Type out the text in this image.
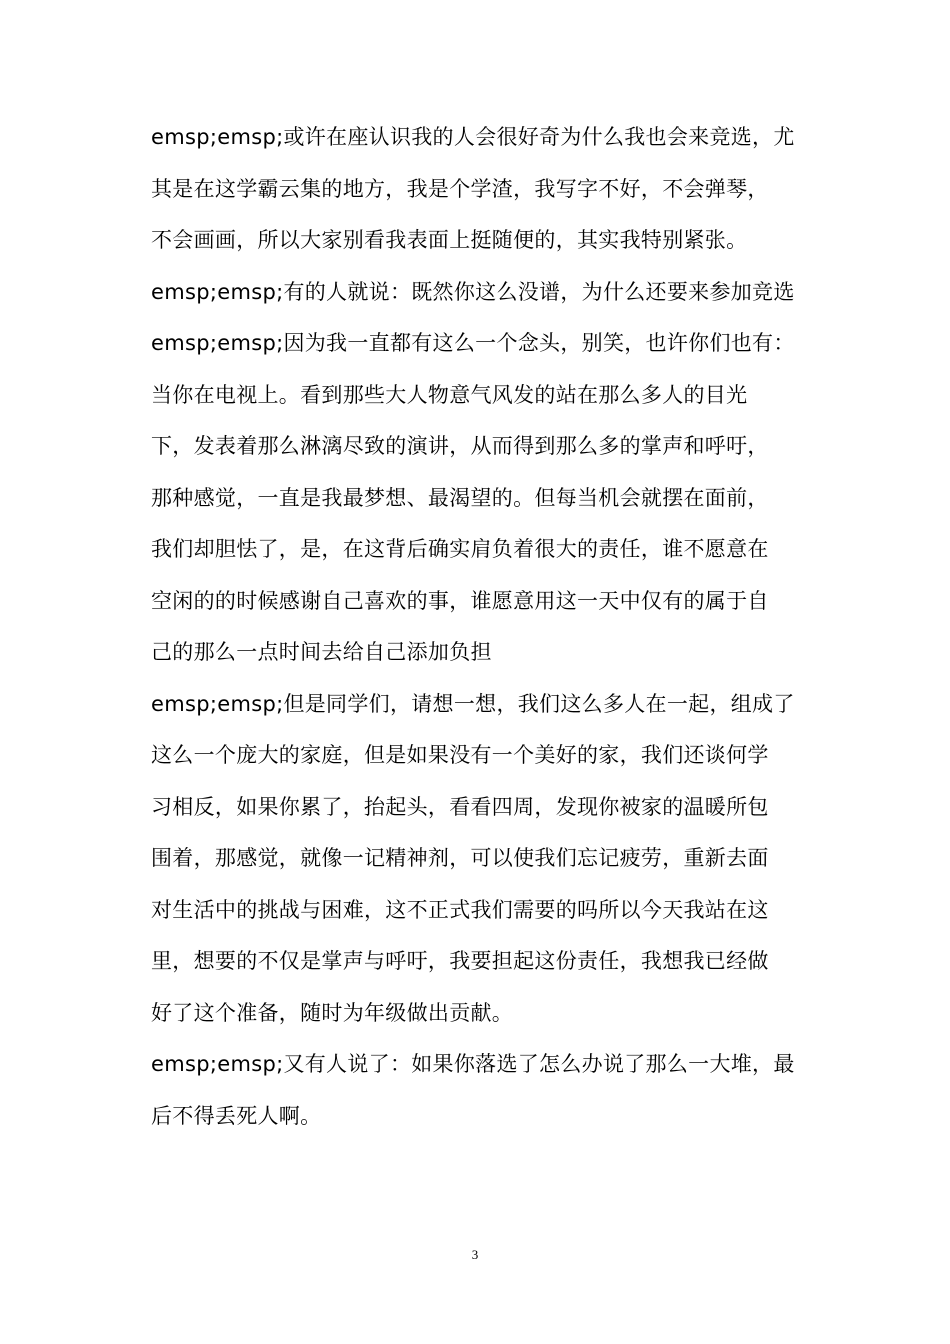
emsp;emsp;或许在座认识我的人会很好奇为什么我也会来竞选，尤
其是在这学霸云集的地方，我是个学渣，我写字不好，不会弹琴，
不会画画，所以大家别看我表面上挺随便的，其实我特别紧张。
emsp;emsp;有的人就说：既然你这么没谱，为什么还要来参加竞选
emsp;emsp;因为我一直都有这么一个念头，别笑，也许你们也有：
当你在电视上。看到那些大人物意气风发的站在那么多人的目光
下，发表着那么淋漓尽致的演讲，从而得到那么多的掌声和呼吁，
那种感觉，一直是我最梦想、最渴望的。但每当机会就摆在面前，
我们却胆怯了，是，在这背后确实肩负着很大的责任，谁不愿意在
空闲的的时候感谢自己喜欢的事，谁愿意用这一天中仅有的属于自
己的那么一点时间去给自己添加负担
emsp;emsp;但是同学们，请想一想，我们这么多人在一起，组成了
这么一个庞大的家庭，但是如果没有一个美好的家，我们还谈何学
习相反，如果你累了，抬起头，看看四周，发现你被家的温暖所包
围着，那感觉，就像一记精神剂，可以使我们忘记疲劳，重新去面
对生活中的挑战与困难，这不正式我们需要的吗所以今天我站在这
里，想要的不仅是掌声与呼吁，我要担起这份责任，我想我已经做
好了这个准备，随时为年级做出贡献。
emsp;emsp;又有人说了：如果你落选了怎么办说了那么一大堆，最
后不得丢死人啊。
3
